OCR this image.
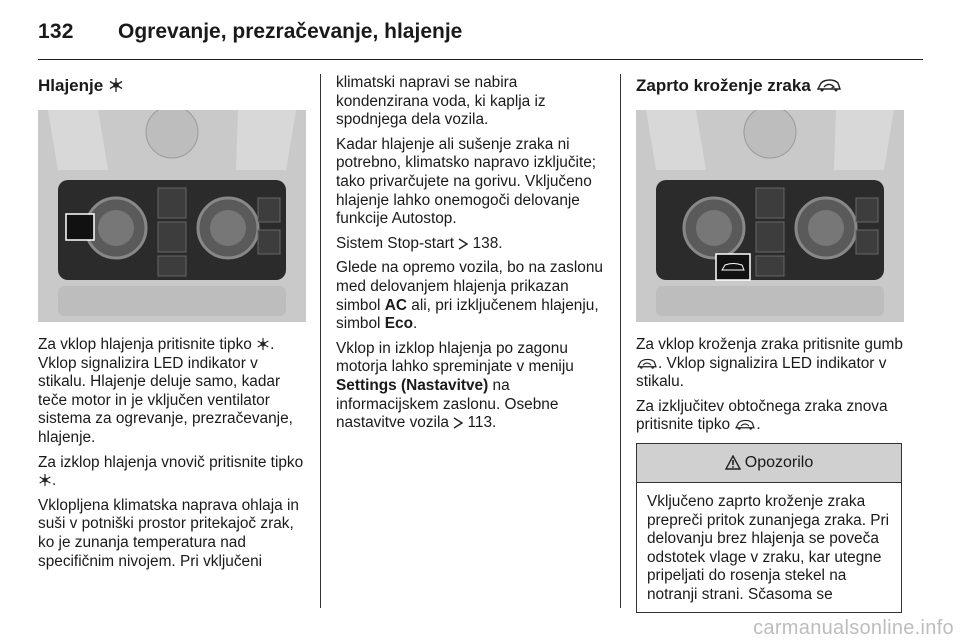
132 Ogrevanje, prezračevanje, hlajenje
Hlajenje

Za vklop hlajenja pritisnite tipko . Vklop signalizira LED indikator v stikalu. Hlajenje deluje samo, kadar teče motor in je vključen ventilator sistema za ogrevanje, prezračevanje, hlajenje.

Za izklop hlajenja vnovič pritisnite tipko .

Vklopljena klimatska naprava ohlaja in suši v potniški prostor pritekajoč zrak, ko je zunanja temperatura nad specifičnim nivojem. Pri vključeni

klimatski napravi se nabira kondenzirana voda, ki kaplja iz spodnjega dela vozila.

Kadar hlajenje ali sušenje zraka ni potrebno, klimatsko napravo izključite; tako privarčujete na gorivu. Vključeno hlajenje lahko onemogoči delovanje funkcije Autostop.

Sistem Stop-start  138.

Glede na opremo vozila, bo na zaslonu med delovanjem hlajenja prikazan simbol AC ali, pri izključenem hlajenju, simbol Eco.

Vklop in izklop hlajenja po zagonu motorja lahko spreminjate v meniju Settings (Nastavitve) na informacijskem zaslonu. Osebne nastavitve vozila  113.

Zaprto kroženje zraka

Za vklop kroženja zraka pritisnite gumb . Vklop signalizira LED indikator v stikalu.

Za izključitev obtočnega zraka znova pritisnite tipko .

Opozorilo
Vključeno zaprto kroženje zraka prepreči pritok zunanjega zraka. Pri delovanju brez hlajenja se poveča odstotek vlage v zraku, kar utegne pripeljati do rosenja stekel na notranji strani. Sčasoma se
carmanualsonline.info
